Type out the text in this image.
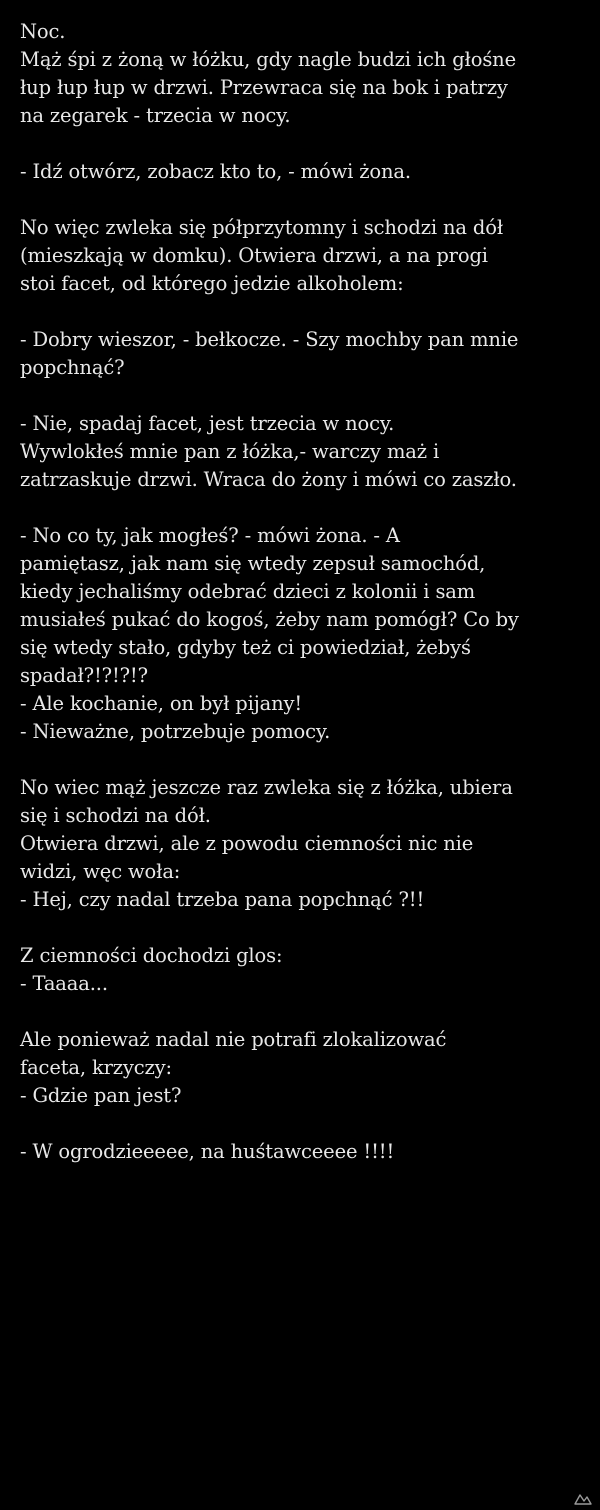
Noc.
Mąż śpi z żoną w łóżku, gdy nagle budzi ich głośne
łup łup łup w drzwi. Przewraca się na bok i patrzy
na zegarek - trzecia w nocy.

- Idź otwórz, zobacz kto to, - mówi żona.

No więc zwleka się półprzytomny i schodzi na dół
(mieszkają w domku). Otwiera drzwi, a na progi
stoi facet, od którego jedzie alkoholem:

- Dobry wieszor, - bełkocze. - Szy mochby pan mnie
popchnąć?

- Nie, spadaj facet, jest trzecia w nocy.
Wywlokłeś mnie pan z łóżka,- warczy maż i
zatrzaskuje drzwi. Wraca do żony i mówi co zaszło.

- No co ty, jak mogłeś? - mówi żona. - A
pamiętasz, jak nam się wtedy zepsuł samochód,
kiedy jechaliśmy odebrać dzieci z kolonii i sam
musiałeś pukać do kogoś, żeby nam pomógł? Co by
się wtedy stało, gdyby też ci powiedział, żebyś
spadał?!?!?!?
- Ale kochanie, on był pijany!
- Nieważne, potrzebuje pomocy.

No wiec mąż jeszcze raz zwleka się z łóżka, ubiera
się i schodzi na dół.
Otwiera drzwi, ale z powodu ciemności nic nie
widzi, węc woła:
- Hej, czy nadal trzeba pana popchnąć ?!!

Z ciemności dochodzi glos:
- Taaaa...

Ale ponieważ nadal nie potrafi zlokalizować
faceta, krzyczy:
- Gdzie pan jest?

- W ogrodzieeeee, na huśtawceeee !!!!
